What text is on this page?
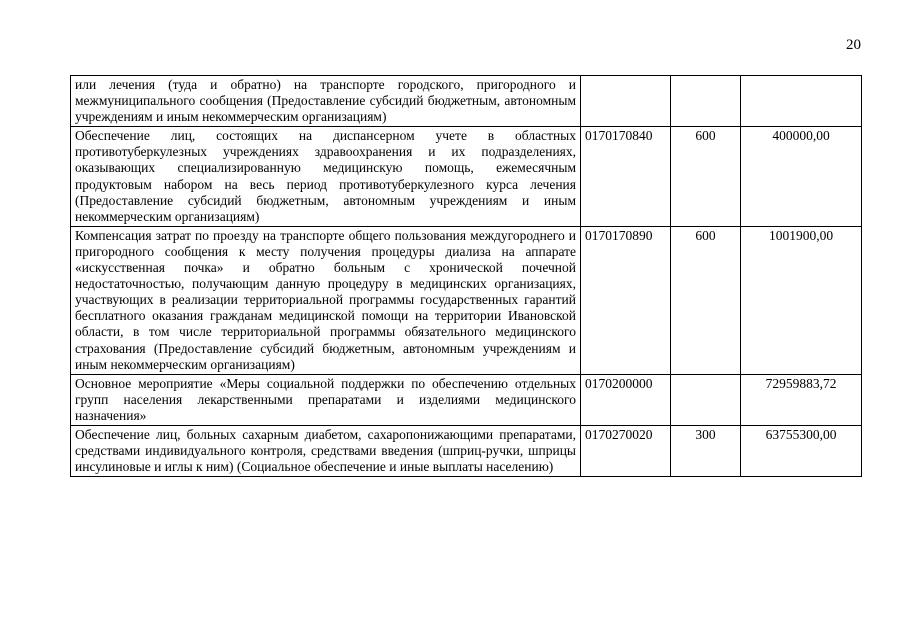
20
или лечения (туда и обратно) на транспорте городского, пригородного и межмуниципального сообщения (Предоставление субсидий бюджетным, автономным учреждениям и иным некоммерческим организациям)			
Обеспечение лиц, состоящих на диспансерном учете в областных противотуберкулезных учреждениях здравоохранения и их подразделениях, оказывающих специализированную медицинскую помощь, ежемесячным продуктовым набором на весь период противотуберкулезного курса лечения (Предоставление субсидий бюджетным, автономным учреждениям и иным некоммерческим организациям)	0170170840	600	400000,00
Компенсация затрат по проезду на транспорте общего пользования междугороднего и пригородного сообщения к месту получения процедуры диализа на аппарате «искусственная почка» и обратно больным с хронической почечной недостаточностью, получающим данную процедуру в медицинских организациях, участвующих в реализации территориальной программы государственных гарантий бесплатного оказания гражданам медицинской помощи на территории Ивановской области, в том числе территориальной программы обязательного медицинского страхования (Предоставление субсидий бюджетным, автономным учреждениям и иным некоммерческим организациям)	0170170890	600	1001900,00
Основное мероприятие «Меры социальной поддержки по обеспечению отдельных групп населения лекарственными препаратами и изделиями медицинского назначения»	0170200000		72959883,72
Обеспечение лиц, больных сахарным диабетом, сахаропонижающими препаратами, средствами индивидуального контроля, средствами введения (шприц-ручки, шприцы инсулиновые и иглы к ним) (Социальное обеспечение и иные выплаты населению)	0170270020	300	63755300,00
